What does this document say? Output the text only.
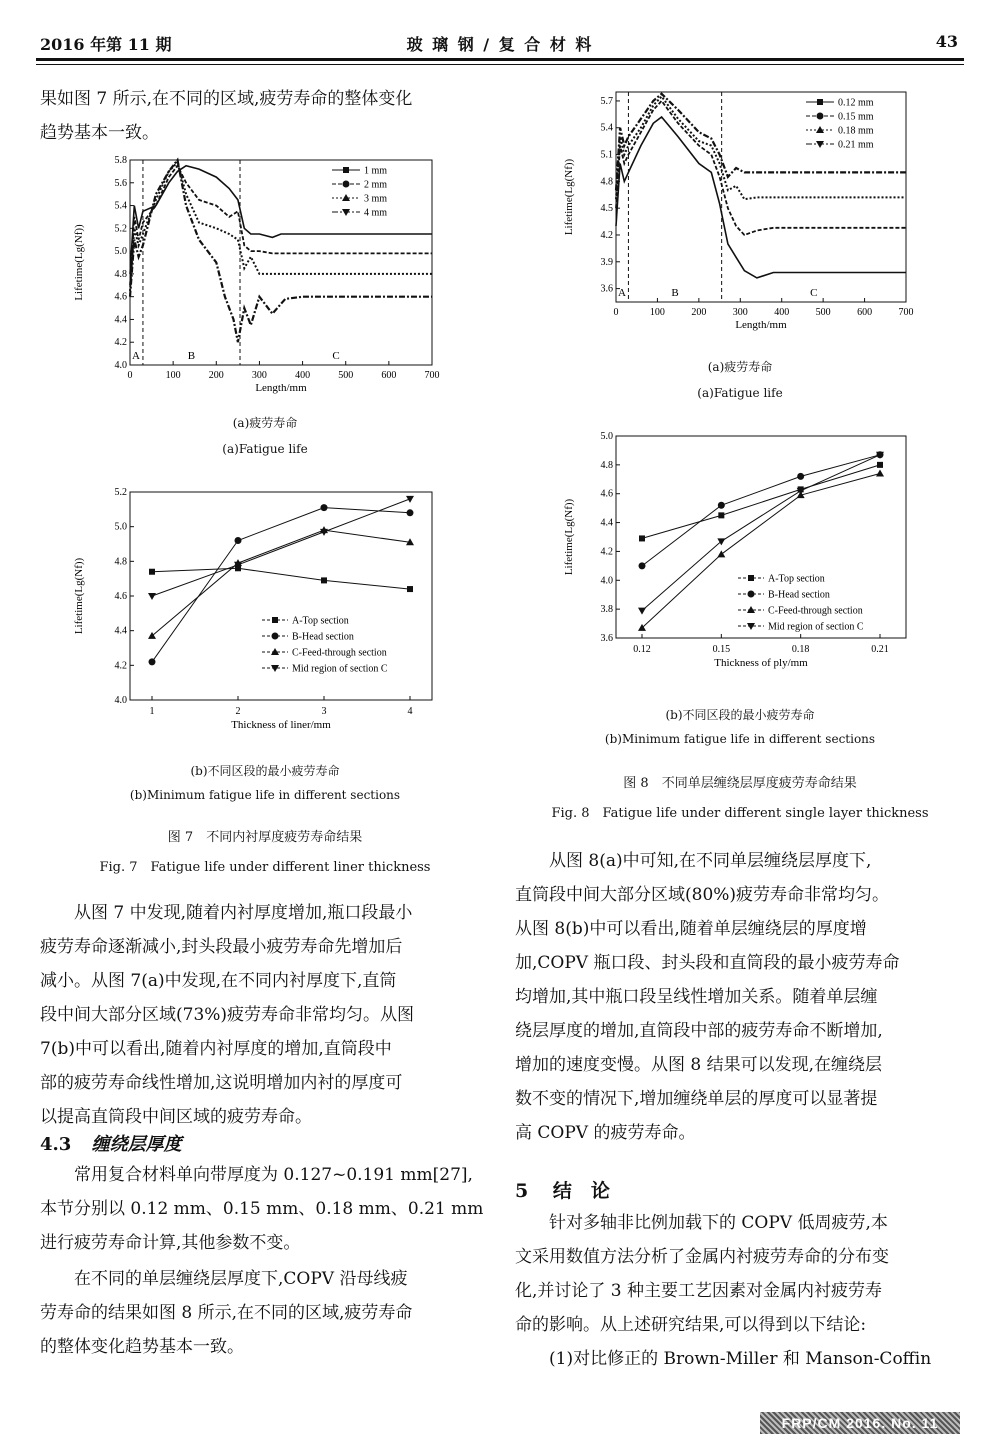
2016 年第 11 期	玻 璃 钢 / 复 合 材 料	43
果如图 7 所示,在不同的区域,疲劳寿命的整体变化
趋势基本一致。
0	100	200	300	400	500	600	700
4.0
4.2
4.4
4.6
4.8
5.0
5.2
5.4
5.6
5.8
Length/mm
Lifetime(Lg(Nf))
A	B	C
1 mm
2 mm
3 mm
4 mm
(a)疲劳寿命
(a)Fatigue life
1	2	3	4
4.0
4.2
4.4
4.6
4.8
5.0
5.2
Thickness of liner/mm
Lifetime(Lg(Nf))	A-Top section
B-Head section
C-Feed-through section
Mid region of section C
(b)不同区段的最小疲劳寿命
(b)Minimum fatigue life in different sections
图 7　不同内衬厚度疲劳寿命结果
Fig. 7　Fatigue life under different liner thickness
从图 7 中发现,随着内衬厚度增加,瓶口段最小
疲劳寿命逐渐减小,封头段最小疲劳寿命先增加后
减小。从图 7(a)中发现,在不同内衬厚度下,直筒
段中间大部分区域(73%)疲劳寿命非常均匀。从图
7(b)中可以看出,随着内衬厚度的增加,直筒段中
部的疲劳寿命线性增加,这说明增加内衬的厚度可
以提高直筒段中间区域的疲劳寿命。
4.3 缠绕层厚度
常用复合材料单向带厚度为 0.127~0.191 mm[27],
本节分别以 0.12 mm、0.15 mm、0.18 mm、0.21 mm
进行疲劳寿命计算,其他参数不变。
在不同的单层缠绕层厚度下,COPV 沿母线疲
劳寿命的结果如图 8 所示,在不同的区域,疲劳寿命
的整体变化趋势基本一致。
0	100	200	300	400	500	600	700
3.6
3.9
4.2
4.5
4.8
5.1
5.4
5.7
Length/mm
Lifetime(Lg(Nf))
A	B	C
0.12 mm
0.15 mm
0.18 mm
0.21 mm
(a)疲劳寿命
(a)Fatigue life
0.12	0.15	0.18	0.21
3.6
3.8
4.0
4.2
4.4
4.6
4.8
5.0
Thickness of ply/mm
Lifetime(Lg(Nf))
A-Top section
B-Head section
C-Feed-through section
Mid region of section C
(b)不同区段的最小疲劳寿命
(b)Minimum fatigue life in different sections
图 8　不同单层缠绕层厚度疲劳寿命结果
Fig. 8　Fatigue life under different single layer thickness
从图 8(a)中可知,在不同单层缠绕层厚度下,
直筒段中间大部分区域(80%)疲劳寿命非常均匀。
从图 8(b)中可以看出,随着单层缠绕层的厚度增
加,COPV 瓶口段、封头段和直筒段的最小疲劳寿命
均增加,其中瓶口段呈线性增加关系。随着单层缠
绕层厚度的增加,直筒段中部的疲劳寿命不断增加,
增加的速度变慢。从图 8 结果可以发现,在缠绕层
数不变的情况下,增加缠绕单层的厚度可以显著提
高 COPV 的疲劳寿命。
5 结　论
针对多轴非比例加载下的 COPV 低周疲劳,本
文采用数值方法分析了金属内衬疲劳寿命的分布变
化,并讨论了 3 种主要工艺因素对金属内衬疲劳寿
命的影响。从上述研究结果,可以得到以下结论:
(1)对比修正的 Brown-Miller 和 Manson-Coffin
FRP/CM 2016. No. 11
